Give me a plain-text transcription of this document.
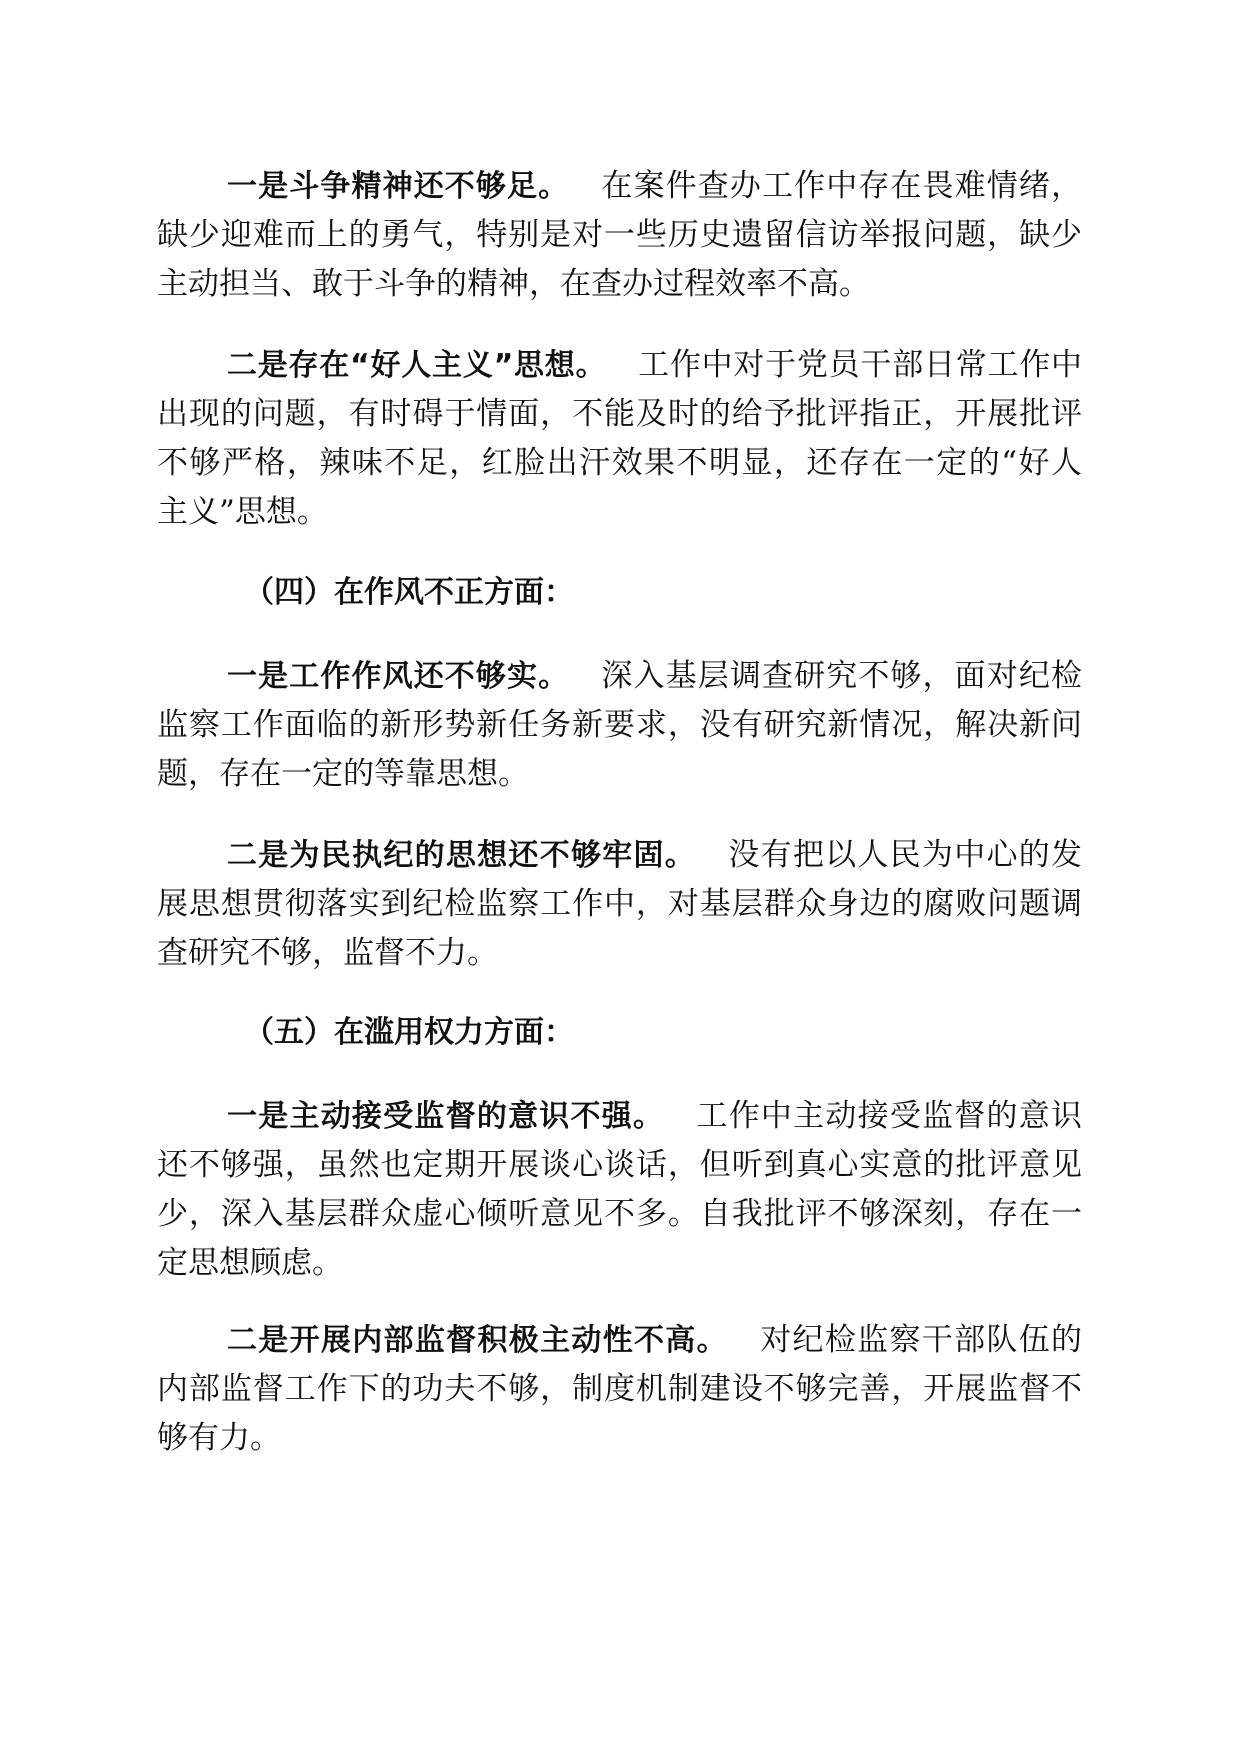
一是斗争精神还不够足。  在案件查办工作中存在畏难情绪，
缺少迎难而上的勇气，特别是对一些历史遗留信访举报问题，缺少
主动担当、敢于斗争的精神，在查办过程效率不高。
二是存在“好人主义”思想。  工作中对于党员干部日常工作中
出现的问题，有时碍于情面，不能及时的给予批评指正，开展批评
不够严格，辣味不足，红脸出汗效果不明显，还存在一定的“好人
主义”思想。
（四）在作风不正方面：
一是工作作风还不够实。  深入基层调查研究不够，面对纪检
监察工作面临的新形势新任务新要求，没有研究新情况，解决新问
题，存在一定的等靠思想。
二是为民执纪的思想还不够牢固。  没有把以人民为中心的发
展思想贯彻落实到纪检监察工作中，对基层群众身边的腐败问题调
查研究不够，监督不力。
（五）在滥用权力方面：
一是主动接受监督的意识不强。  工作中主动接受监督的意识
还不够强，虽然也定期开展谈心谈话，但听到真心实意的批评意见
少，深入基层群众虚心倾听意见不多。自我批评不够深刻，存在一
定思想顾虑。
二是开展内部监督积极主动性不高。  对纪检监察干部队伍的
内部监督工作下的功夫不够，制度机制建设不够完善，开展监督不
够有力。
